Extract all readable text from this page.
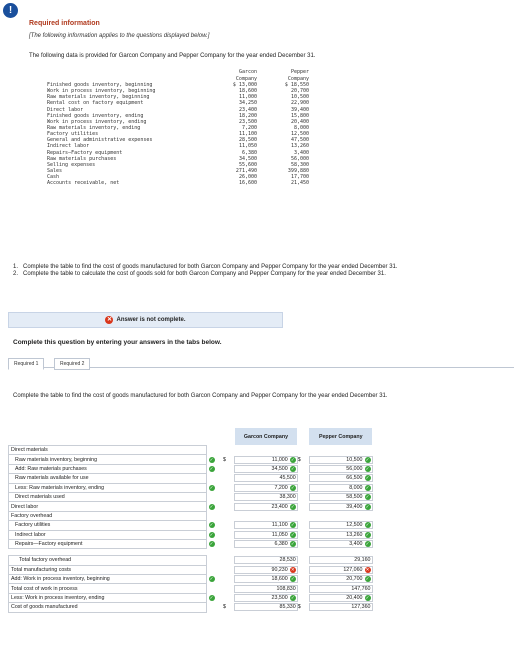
!
Required information
[The following information applies to the questions displayed below.]
The following data is provided for Garcon Company and Pepper Company for the year ended December 31.
Garcon	Pepper
Company	Company
Finished goods inventory, beginning	$ 13,000	$ 18,550
Work in process inventory, beginning	18,600	20,700
Raw materials inventory, beginning	11,000	10,500
Rental cost on factory equipment	34,250	22,900
Direct labor	23,400	39,400
Finished goods inventory, ending	18,200	15,800
Work in process inventory, ending	23,500	20,400
Raw materials inventory, ending	7,200	8,000
Factory utilities	11,100	12,500
General and administrative expenses	28,500	47,500
Indirect labor	11,050	13,260
Repairs—Factory equipment	6,380	3,400
Raw materials purchases	34,500	56,000
Selling expenses	55,600	58,300
Sales	271,490	399,880
Cash	26,000	17,700
Accounts receivable, net	16,600	21,450
1. Complete the table to find the cost of goods manufactured for both Garcon Company and Pepper Company for the year ended December 31.
2. Complete the table to calculate the cost of goods sold for both Garcon Company and Pepper Company for the year ended December 31.
✕ Answer is not complete.
Complete this question by entering your answers in the tabs below.
Required 1	Required 2
Complete the table to find the cost of goods manufactured for both Garcon Company and Pepper Company for the year ended December 31.
			Garcon Company		Pepper Company
Direct materials					
Raw materials inventory, beginning	✓	$	11,000 ✓	$	10,500 ✓

Add: Raw materials purchases	✓		34,500 ✓		56,000 ✓

Raw materials available for use			45,500		66,500 ✓

Less: Raw materials inventory, ending	✓		7,200 ✓		8,000 ✓

Direct materials used			38,300		58,500 ✓

Direct labor	✓		23,400 ✓		39,400 ✓

Factory overhead					
Factory utilities	✓		11,100 ✓		12,500 ✓

Indirect labor	✓		11,050 ✓		13,260 ✓

Repairs—Factory equipment	✓		6,380 ✓		3,400 ✓

Total factory overhead			28,530		29,160

Total manufacturing costs			90,230 ✕		127,060 ✕

Add: Work in process inventory, beginning	✓		18,600 ✓		20,700 ✓

Total cost of work in process			108,830		147,760

Less: Work in process inventory, ending	✓		23,500 ✓		20,400 ✓

Cost of goods manufactured		$	85,330	$	127,360
